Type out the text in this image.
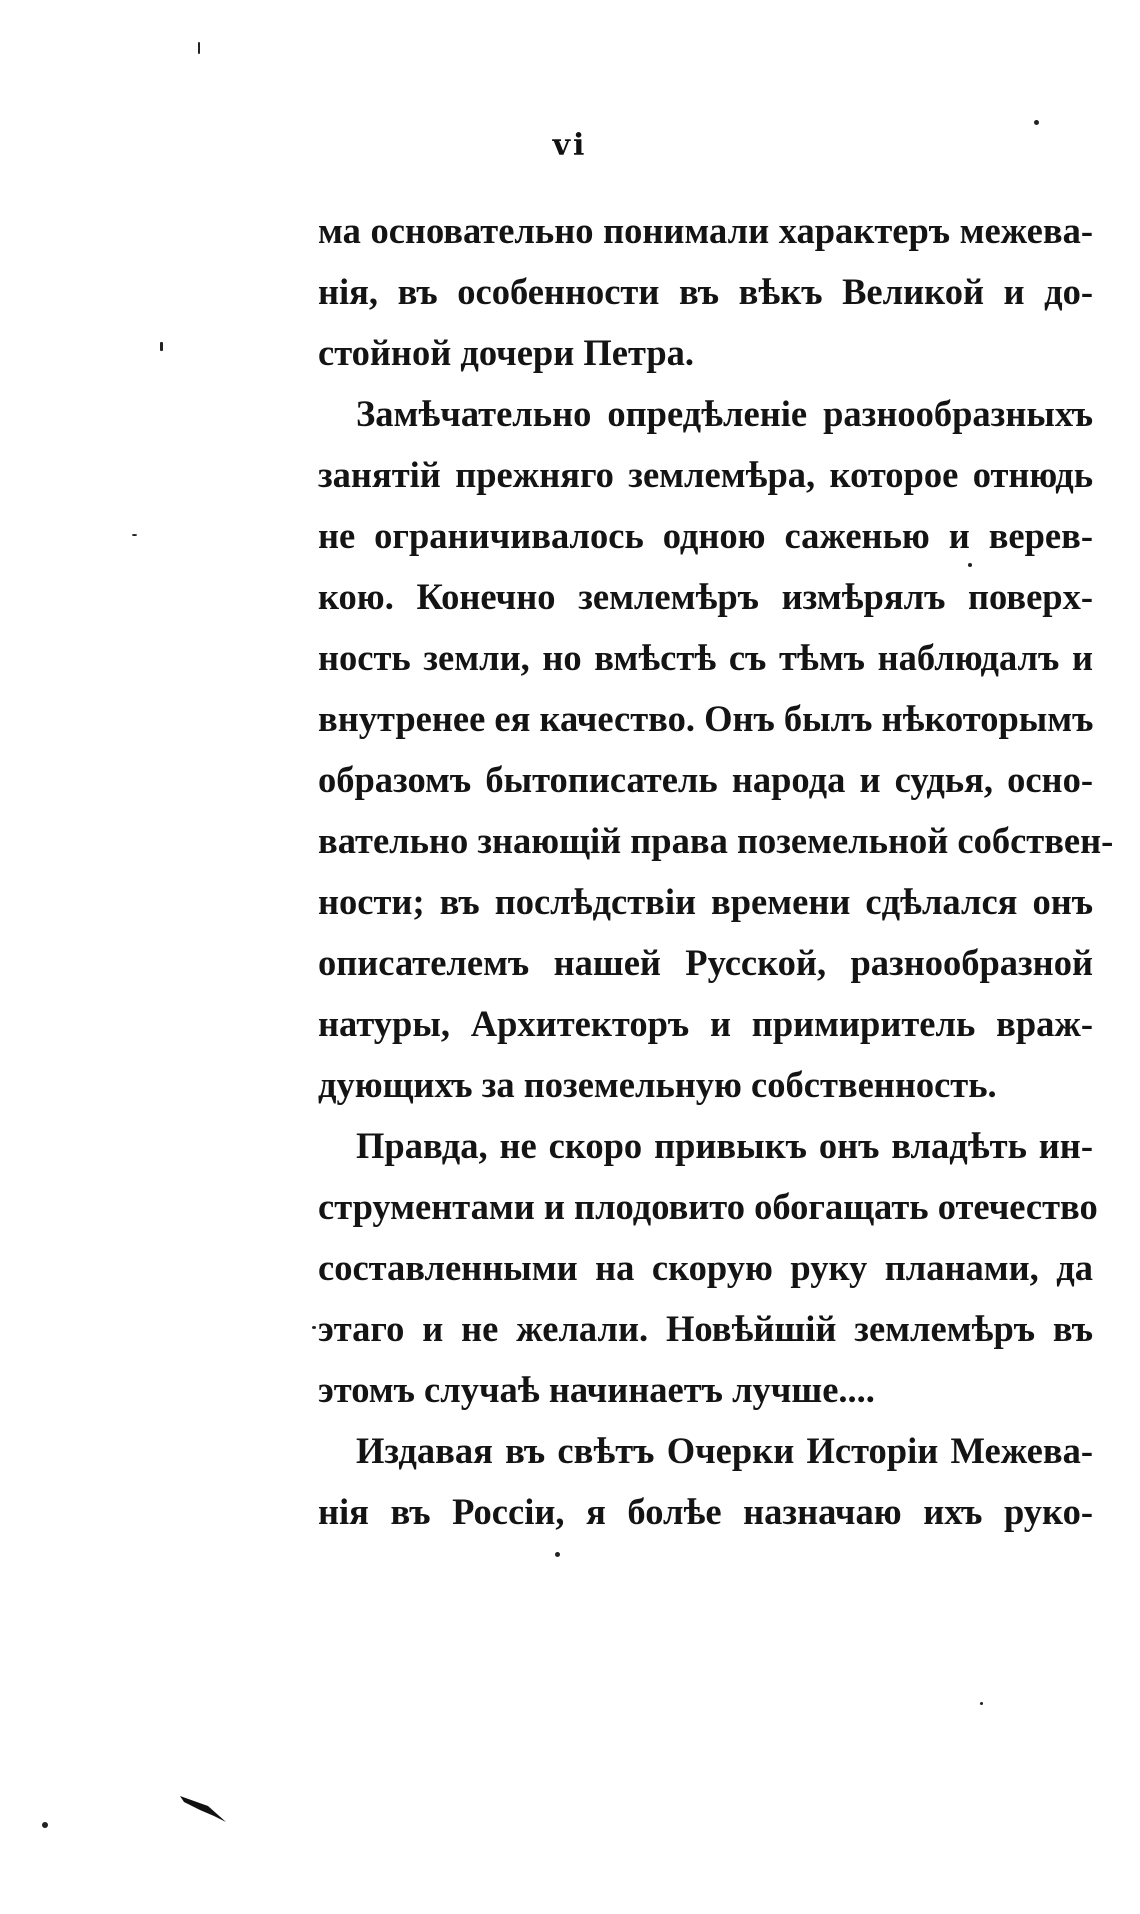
vi
ма основательно понимали характеръ межева-
нія, въ особенности въ вѣкъ Великой и до-
стойной дочери Петра.
Замѣчательно опредѣленіе разнообразныхъ
занятій прежняго землемѣра, которое отнюдь
не ограничивалось одною саженью и верев-
кою. Конечно землемѣръ измѣрялъ поверх-
ность земли, но вмѣстѣ съ тѣмъ наблюдалъ и
внутренее ея качество. Онъ былъ нѣкоторымъ
образомъ бытописатель народа и судья, осно-
вательно знающій права поземельной собствен-
ности; въ послѣдствіи времени сдѣлался онъ
описателемъ нашей Русской, разнообразной
натуры, Архитекторъ и примиритель враж-
дующихъ за поземельную собственность.
Правда, не скоро привыкъ онъ владѣть ин-
струментами и плодовито обогащать отечество
составленными на скорую руку планами, да
этаго и не желали. Новѣйшій землемѣръ въ
этомъ случаѣ начинаетъ лучше....
Издавая въ свѣтъ Очерки Исторіи Межева-
нія въ Россіи, я болѣе назначаю ихъ руко-
